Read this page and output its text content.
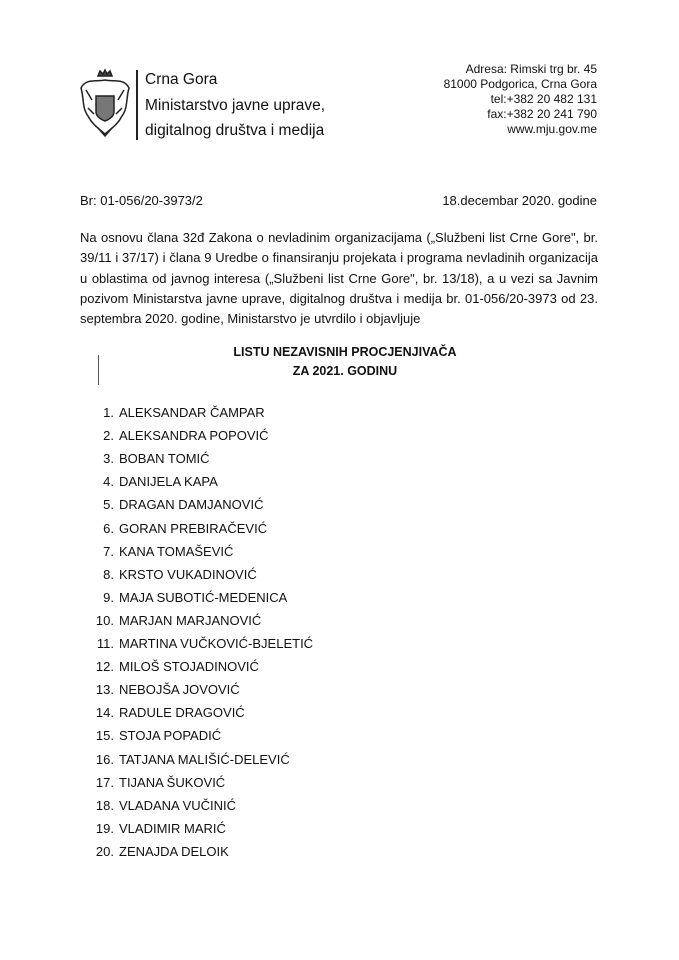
Crna Gora
Ministarstvo javne uprave,
digitalnog društva i medija
Adresa: Rimski trg br. 45
81000 Podgorica, Crna Gora
tel:+382 20 482 131
fax:+382 20 241 790
www.mju.gov.me
Br: 01-056/20-3973/2	18.decembar 2020. godine
Na osnovu člana 32đ Zakona o nevladinim organizacijama („Službeni list Crne Gore", br. 39/11 i 37/17) i člana 9 Uredbe o finansiranju projekata i programa nevladinih organizacija u oblastima od javnog interesa („Službeni list Crne Gore", br. 13/18), a u vezi sa Javnim pozivom Ministarstva javne uprave, digitalnog društva i medija br. 01-056/20-3973 od 23. septembra 2020. godine, Ministarstvo je utvrdilo i objavljuje
LISTU NEZAVISNIH PROCJENJIVAČA
ZA 2021. GODINU
1. ALEKSANDAR ČAMPAR
2. ALEKSANDRA POPOVIĆ
3. BOBAN TOMIĆ
4. DANIJELA KAPA
5. DRAGAN DAMJANOVIĆ
6. GORAN PREBIRAČEVIĆ
7. KANA TOMAŠEVIĆ
8. KRSTO VUKADINOVIĆ
9. MAJA SUBOTIĆ-MEDENICA
10. MARJAN MARJANOVIĆ
11. MARTINA VUČKOVIĆ-BJELETIĆ
12. MILOŠ STOJADINOVIĆ
13. NEBOJŠA JOVOVIĆ
14. RADULE DRAGOVIĆ
15. STOJA POPADIĆ
16. TATJANA MALIŠIĆ-DELEVIĆ
17. TIJANA ŠUKOVIĆ
18. VLADANA VUČINIĆ
19. VLADIMIR MARIĆ
20. ZENAJDA DELOIK
